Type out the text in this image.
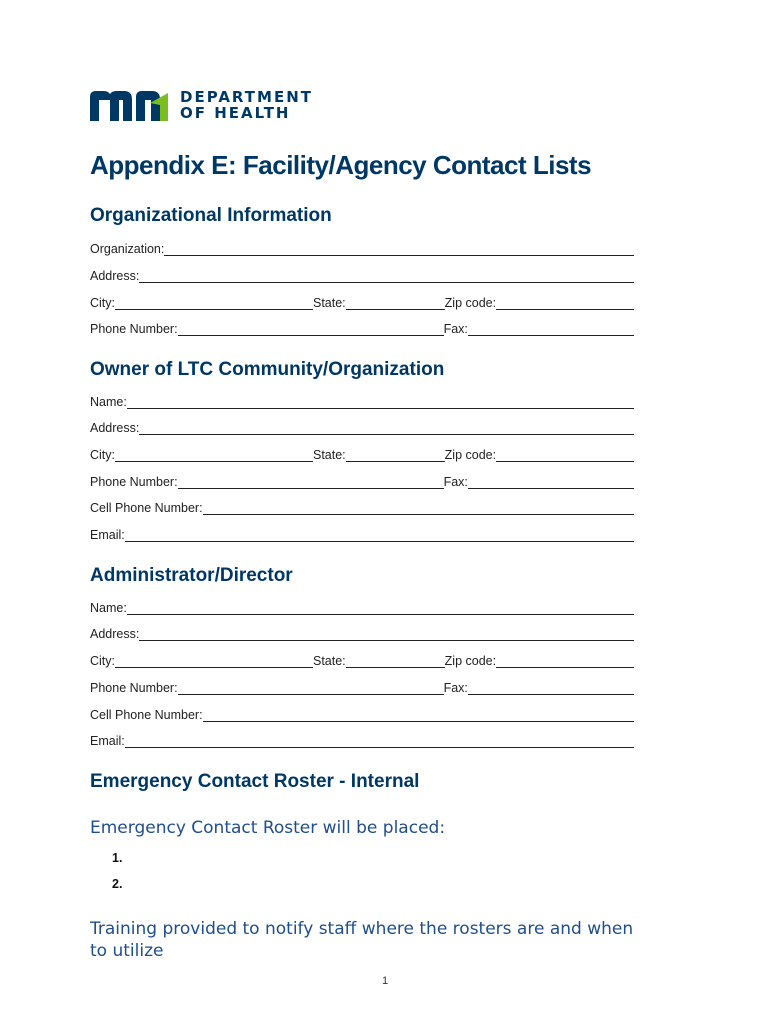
DEPARTMENT
OF HEALTH
Appendix E: Facility/Agency Contact Lists
Organizational Information
Organization:
Address:
City:	State:	Zip code:
Phone Number:	Fax:
Owner of LTC Community/Organization
Name:
Address:
City:	State:	Zip code:
Phone Number:	Fax:
Cell Phone Number:
Email:
Administrator/Director
Name:
Address:
City:	State:	Zip code:
Phone Number:	Fax:
Cell Phone Number:
Email:
Emergency Contact Roster - Internal
Emergency Contact Roster will be placed:
1.
2.
Training provided to notify staff where the rosters are and when to utilize
1
